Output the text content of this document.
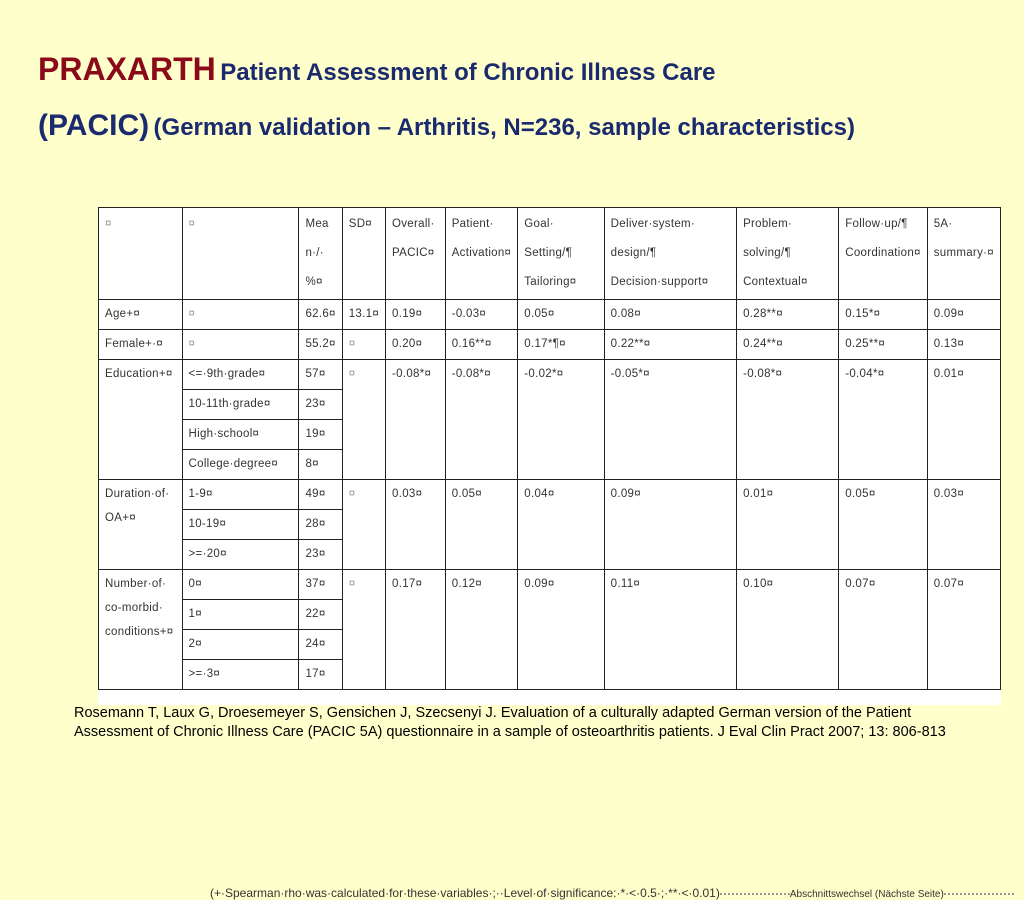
PRAXARTH Patient Assessment of Chronic Illness Care
(PACIC) (German validation – Arthritis, N=236, sample characteristics)
¤	¤	Mea n·/· %¤	SD¤	Overall· PACIC¤	Patient· Activation¤	Goal· Setting/¶ Tailoring¤	Deliver·system· design/¶ Decision·support¤	Problem· solving/¶ Contextual¤	Follow·up/¶ Coordination¤	5A· summary·¤
Age+¤	¤	62.6¤	13.1¤	0.19¤	-0.03¤	0.05¤	0.08¤	0.28**¤	0.15*¤	0.09¤
Female+·¤	¤	55.2¤	¤	0.20¤	0.16**¤	0.17*¶¤	0.22**¤	0.24**¤	0.25**¤	0.13¤
Education+¤	<=·9th·grade¤	57¤	¤	-0.08*¤	-0.08*¤	-0.02*¤	-0.05*¤	-0.08*¤	-0.04*¤	0.01¤
	10-11th·grade¤	23¤								
	High·school¤	19¤								
	College·degree¤	8¤								
Duration·of· OA+¤	1-9¤	49¤	¤	0.03¤	0.05¤	0.04¤	0.09¤	0.01¤	0.05¤	0.03¤
	10-19¤	28¤								
	>=·20¤	23¤								
Number·of· co-morbid· conditions+¤	0¤	37¤	¤	0.17¤	0.12¤	0.09¤	0.11¤	0.10¤	0.07¤	0.07¤
	1¤	22¤								
	2¤	24¤								
	>=·3¤	17¤								
(+·Spearman·rho·was·calculated·for·these·variables·;··Level·of·significance:·*·<·0.5·;·**·<·0.01)	Abschnittswechsel (Nächste Seite)
Rosemann T, Laux G, Droesemeyer S, Gensichen J, Szecsenyi J. Evaluation of a culturally adapted German version of the Patient Assessment of Chronic Illness Care (PACIC 5A) questionnaire in a sample of osteoarthritis patients. J Eval Clin Pract 2007; 13: 806-813
